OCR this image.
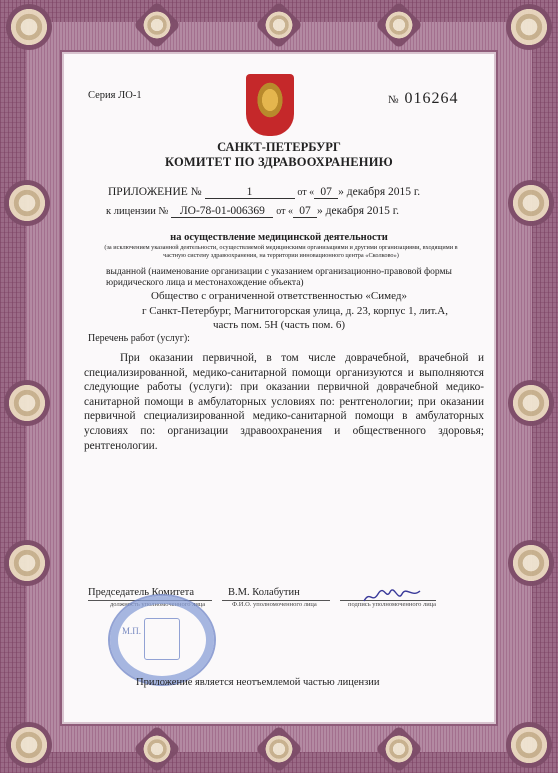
Серия ЛО-1	№ 016264
САНКТ-ПЕТЕРБУРГ
КОМИТЕТ ПО ЗДРАВООХРАНЕНИЮ
ПРИЛОЖЕНИЕ №	1	от « 07 » декабря 2015 г.
к лицензии № ЛО-78-01-006369 от « 07 » декабря 2015 г.
на осуществление медицинской деятельности
(за исключением указанной деятельности, осуществляемой медицинскими организациями и другими организациями, входящими в частную систему здравоохранения, на территории инновационного центра «Сколково»)
выданной (наименование организации с указанием организационно-правовой формы юридического лица и местонахождение объекта)
Общество с ограниченной ответственностью «Симед»
г Санкт-Петербург, Магнитогорская улица, д. 23, корпус 1, лит.А,
часть пом. 5Н (часть пом. 6)
Перечень работ (услуг):
При оказании первичной, в том числе доврачебной, врачебной и специализированной, медико-санитарной помощи организуются и выполняются следующие работы (услуги): при оказании первичной доврачебной медико-санитарной помощи в амбулаторных условиях по: рентгенологии; при оказании первичной специализированной медико-санитарной помощи в амбулаторных условиях по: организации здравоохранения и общественного здоровья; рентгенологии.
Председатель Комитета
должность уполномоченного лица
В.М. Колабутин
Ф.И.О. уполномоченного лица	подпись уполномоченного лица
М.П.
Приложение является неотъемлемой частью лицензии
